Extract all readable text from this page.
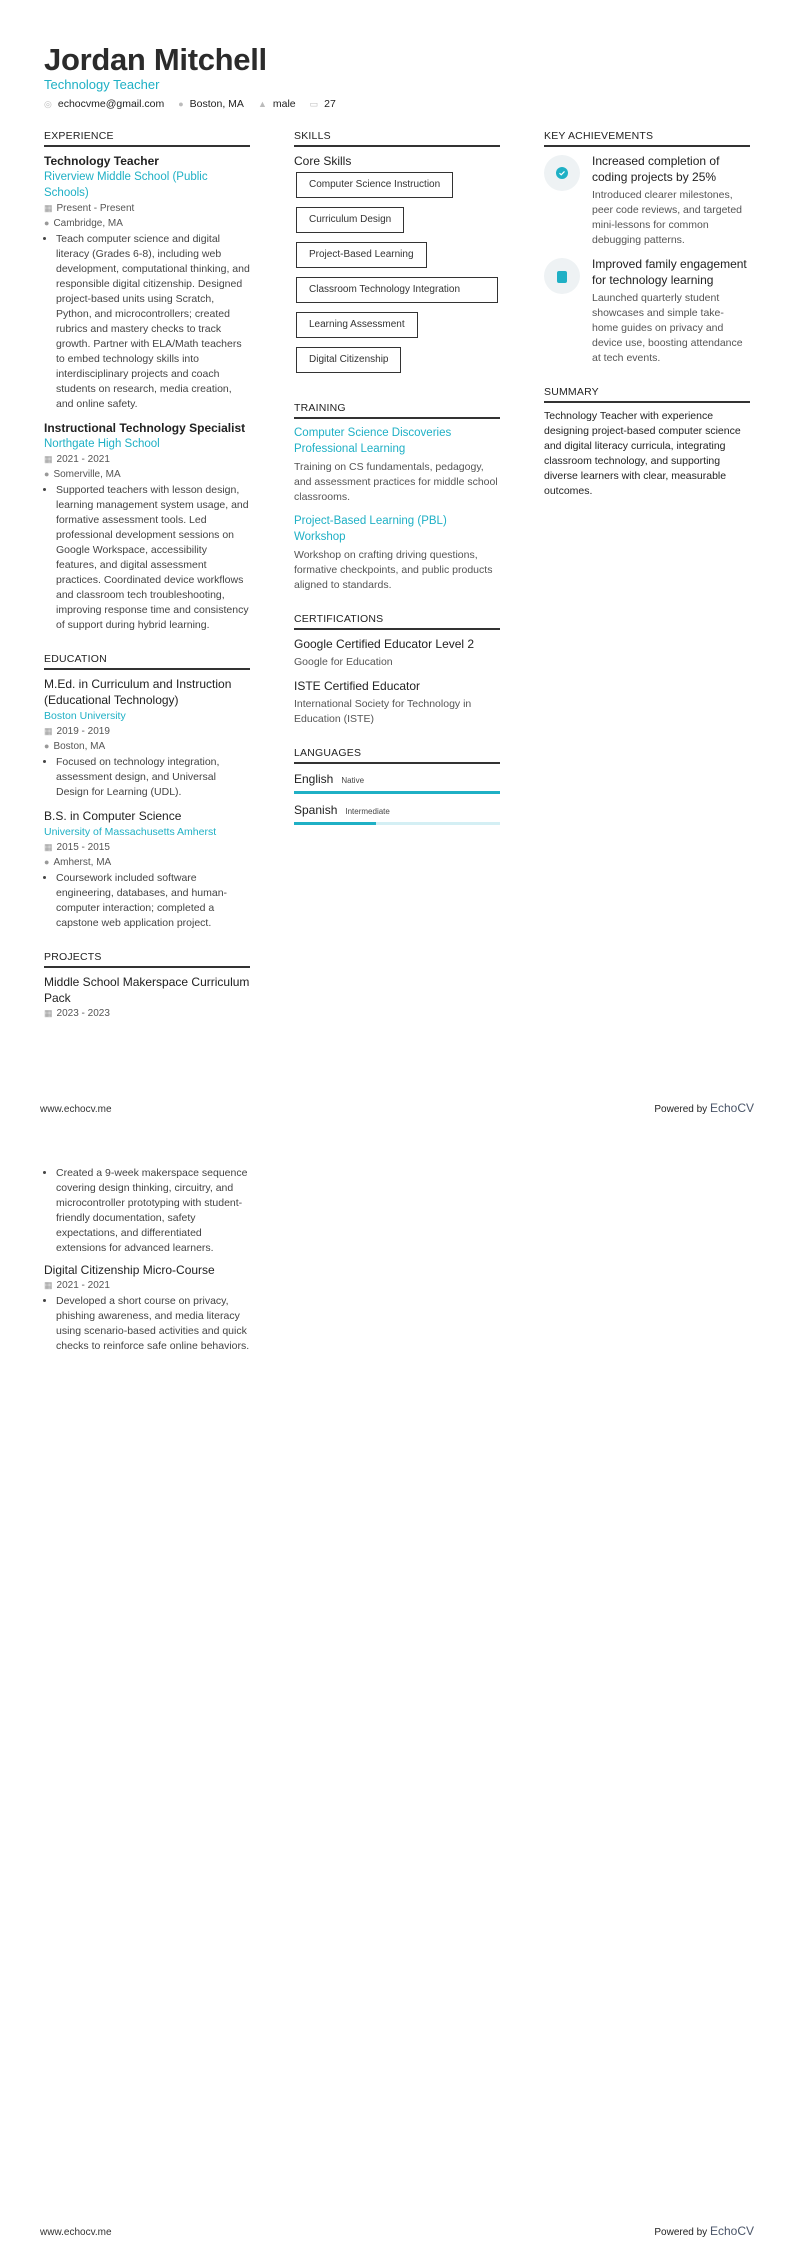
Jordan Mitchell
Technology Teacher
◎ echocvme@gmail.com ● Boston, MA ▲ male ▭ 27
EXPERIENCE
Technology Teacher
Riverview Middle School (Public Schools)
▦ Present - Present
● Cambridge, MA
• Teach computer science and digital literacy (Grades 6-8), including web development, computational thinking, and responsible digital citizenship. Designed project-based units using Scratch, Python, and microcontrollers; created rubrics and mastery checks to track growth. Partner with ELA/Math teachers to embed technology skills into interdisciplinary projects and coach students on research, media creation, and online safety.
Instructional Technology Specialist
Northgate High School
▦ 2021 - 2021
● Somerville, MA
• Supported teachers with lesson design, learning management system usage, and formative assessment tools. Led professional development sessions on Google Workspace, accessibility features, and digital assessment practices. Coordinated device workflows and classroom tech troubleshooting, improving response time and consistency of support during hybrid learning.
EDUCATION
M.Ed. in Curriculum and Instruction (Educational Technology)
Boston University
▦ 2019 - 2019
● Boston, MA
• Focused on technology integration, assessment design, and Universal Design for Learning (UDL).
B.S. in Computer Science
University of Massachusetts Amherst
▦ 2015 - 2015
● Amherst, MA
• Coursework included software engineering, databases, and human-computer interaction; completed a capstone web application project.
PROJECTS
Middle School Makerspace Curriculum Pack
▦ 2023 - 2023
SKILLS
Core Skills
Computer Science Instruction
Curriculum Design
Project-Based Learning
Classroom Technology Integration
Learning Assessment
Digital Citizenship
TRAINING
Computer Science Discoveries Professional Learning
Training on CS fundamentals, pedagogy, and assessment practices for middle school classrooms.
Project-Based Learning (PBL) Workshop
Workshop on crafting driving questions, formative checkpoints, and public products aligned to standards.
CERTIFICATIONS
Google Certified Educator Level 2
Google for Education
ISTE Certified Educator
International Society for Technology in Education (ISTE)
LANGUAGES
English Native
Spanish Intermediate
KEY ACHIEVEMENTS
Increased completion of coding projects by 25%
Introduced clearer milestones, peer code reviews, and targeted mini-lessons for common debugging patterns.
Improved family engagement for technology learning
Launched quarterly student showcases and simple take-home guides on privacy and device use, boosting attendance at tech events.
SUMMARY
Technology Teacher with experience designing project-based computer science and digital literacy curricula, integrating classroom technology, and supporting diverse learners with clear, measurable outcomes.
www.echocv.me	Powered by EchoCV
• Created a 9-week makerspace sequence covering design thinking, circuitry, and microcontroller prototyping with student-friendly documentation, safety expectations, and differentiated extensions for advanced learners.
Digital Citizenship Micro-Course
▦ 2021 - 2021
• Developed a short course on privacy, phishing awareness, and media literacy using scenario-based activities and quick checks to reinforce safe online behaviors.
www.echocv.me	Powered by EchoCV
